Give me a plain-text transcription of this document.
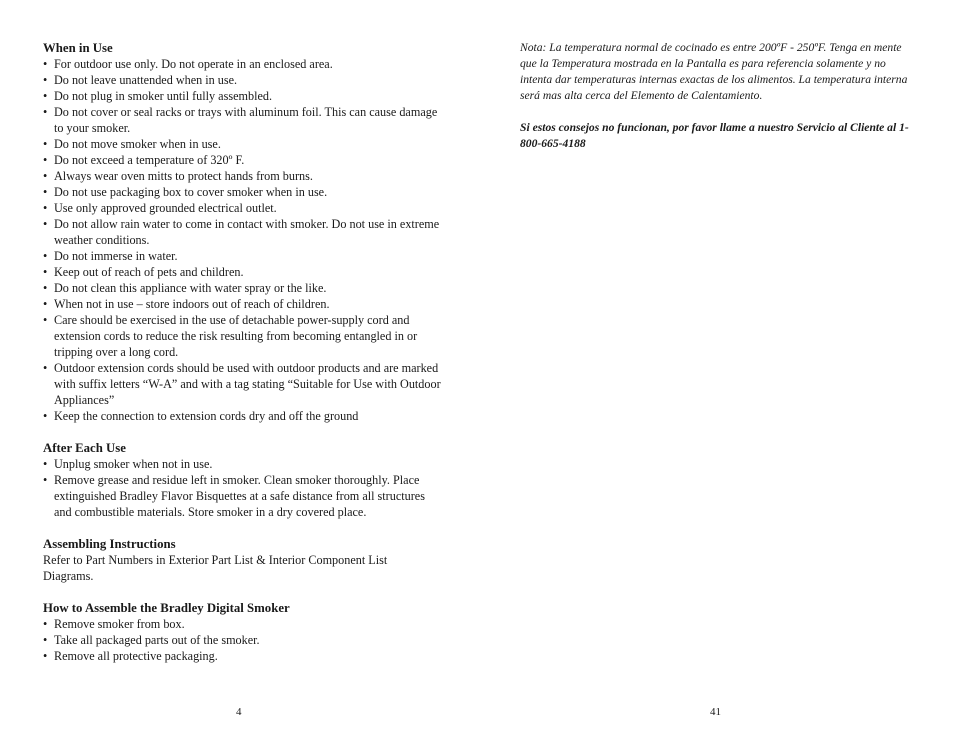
When in Use

• For outdoor use only. Do not operate in an enclosed area.
• Do not leave unattended when in use.
• Do not plug in smoker until fully assembled.
• Do not cover or seal racks or trays with aluminum foil. This can cause damage to your smoker.
• Do not move smoker when in use.
• Do not exceed a temperature of 320º F.
• Always wear oven mitts to protect hands from burns.
• Do not use packaging box to cover smoker when in use.
• Use only approved grounded electrical outlet.
• Do not allow rain water to come in contact with smoker. Do not use in extreme weather conditions.
• Do not immerse in water.
• Keep out of reach of pets and children.
• Do not clean this appliance with water spray or the like.
• When not in use – store indoors out of reach of children.
• Care should be exercised in the use of detachable power-supply cord and extension cords to reduce the risk resulting from becoming entangled in or tripping over a long cord.
• Outdoor extension cords should be used with outdoor products and are marked with suffix letters “W-A” and with a tag stating “Suitable for Use with Outdoor Appliances”
• Keep the connection to extension cords dry and off the ground

After Each Use

• Unplug smoker when not in use.
• Remove grease and residue left in smoker. Clean smoker thoroughly. Place extinguished Bradley Flavor Bisquettes at a safe distance from all structures and combustible materials. Store smoker in a dry covered place.

Assembling Instructions

Refer to Part Numbers in Exterior Part List & Interior Component List Diagrams.

How to Assemble the Bradley Digital Smoker

• Remove smoker from box.
• Take all packaged parts out of the smoker.
• Remove all protective packaging.

Nota: La temperatura normal de cocinado es entre 200ºF - 250ºF. Tenga en mente que la Temperatura mostrada en la Pantalla es para referencia solamente y no intenta dar temperaturas internas exactas de los alimentos. La temperatura interna será mas alta cerca del Elemento de Calentamiento.

Si estos consejos no funcionan, por favor llame a nuestro Servicio al Cliente al 1-800-665-4188

4	41
